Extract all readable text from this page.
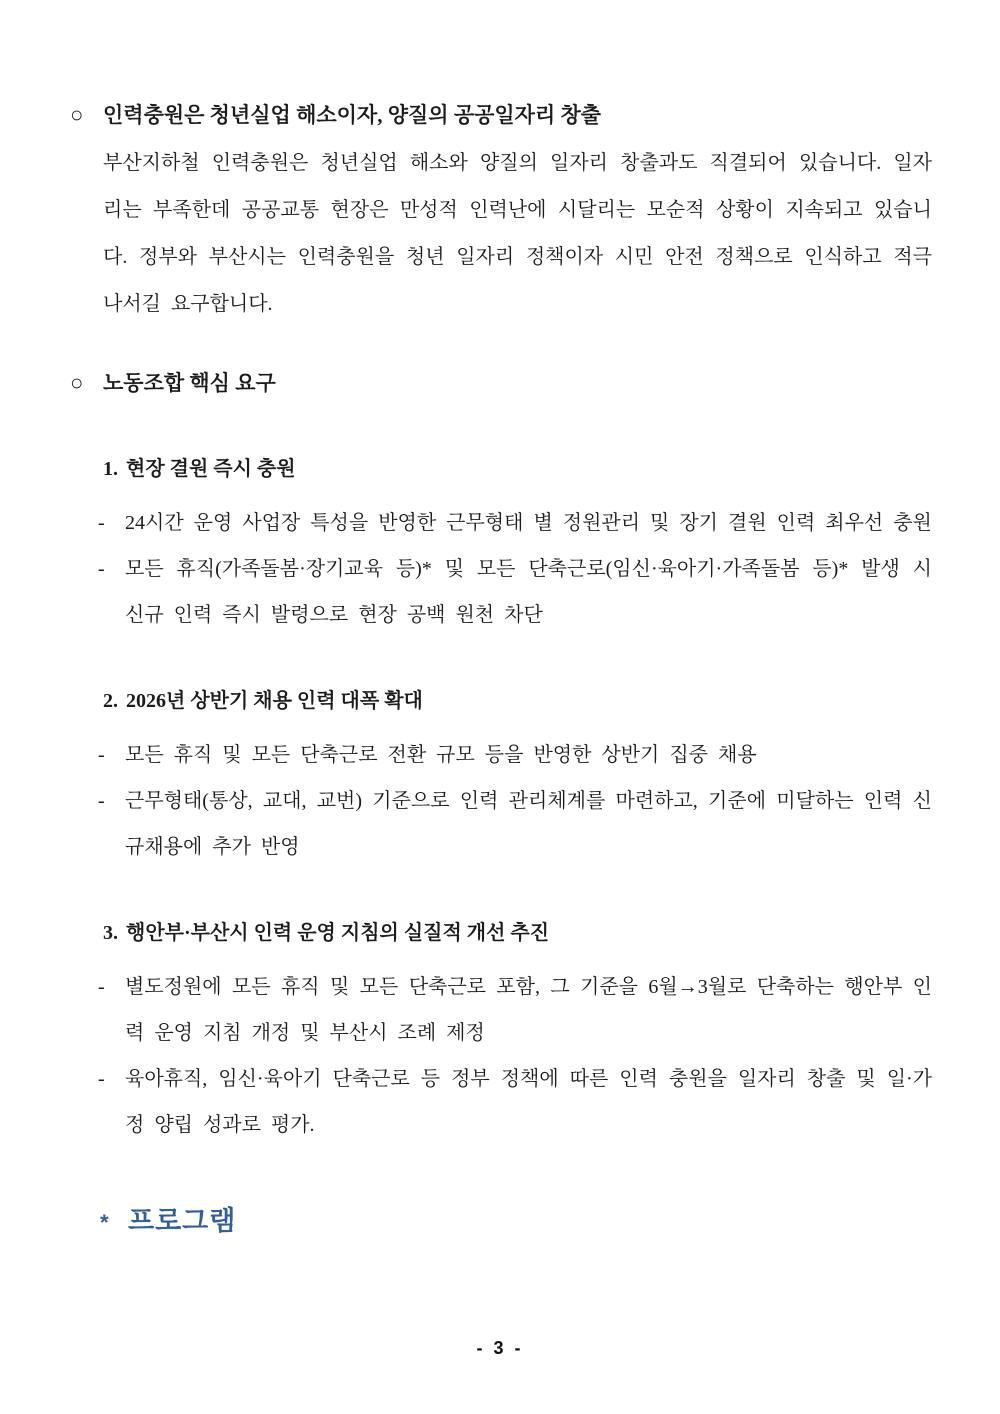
○ 인력충원은 청년실업 해소이자, 양질의 공공일자리 창출

부산지하철 인력충원은 청년실업 해소와 양질의 일자리 창출과도 직결되어 있습니다. 일자리는 부족한데 공공교통 현장은 만성적 인력난에 시달리는 모순적 상황이 지속되고 있습니다. 정부와 부산시는 인력충원을 청년 일자리 정책이자 시민 안전 정책으로 인식하고 적극 나서길 요구합니다.

○ 노동조합 핵심 요구
1. 현장 결원 즉시 충원
-	24시간 운영 사업장 특성을 반영한 근무형태 별 정원관리 및 장기 결원 인력 최우선 충원
-	모든 휴직(가족돌봄·장기교육 등)* 및 모든 단축근로(임신·육아기·가족돌봄 등)* 발생 시 신규 인력 즉시 발령으로 현장 공백 원천 차단
2. 2026년 상반기 채용 인력 대폭 확대
-	모든 휴직 및 모든 단축근로 전환 규모 등을 반영한 상반기 집중 채용
-	근무형태(통상, 교대, 교번) 기준으로 인력 관리체계를 마련하고, 기준에 미달하는 인력 신규채용에 추가 반영
3. 행안부·부산시 인력 운영 지침의 실질적 개선 추진
-	별도정원에 모든 휴직 및 모든 단축근로 포함, 그 기준을 6월→3월로 단축하는 행안부 인력 운영 지침 개정 및 부산시 조례 제정
-	육아휴직, 임신·육아기 단축근로 등 정부 정책에 따른 인력 충원을 일자리 창출 및 일·가정 양립 성과로 평가.
* 프로그램
- 3 -
